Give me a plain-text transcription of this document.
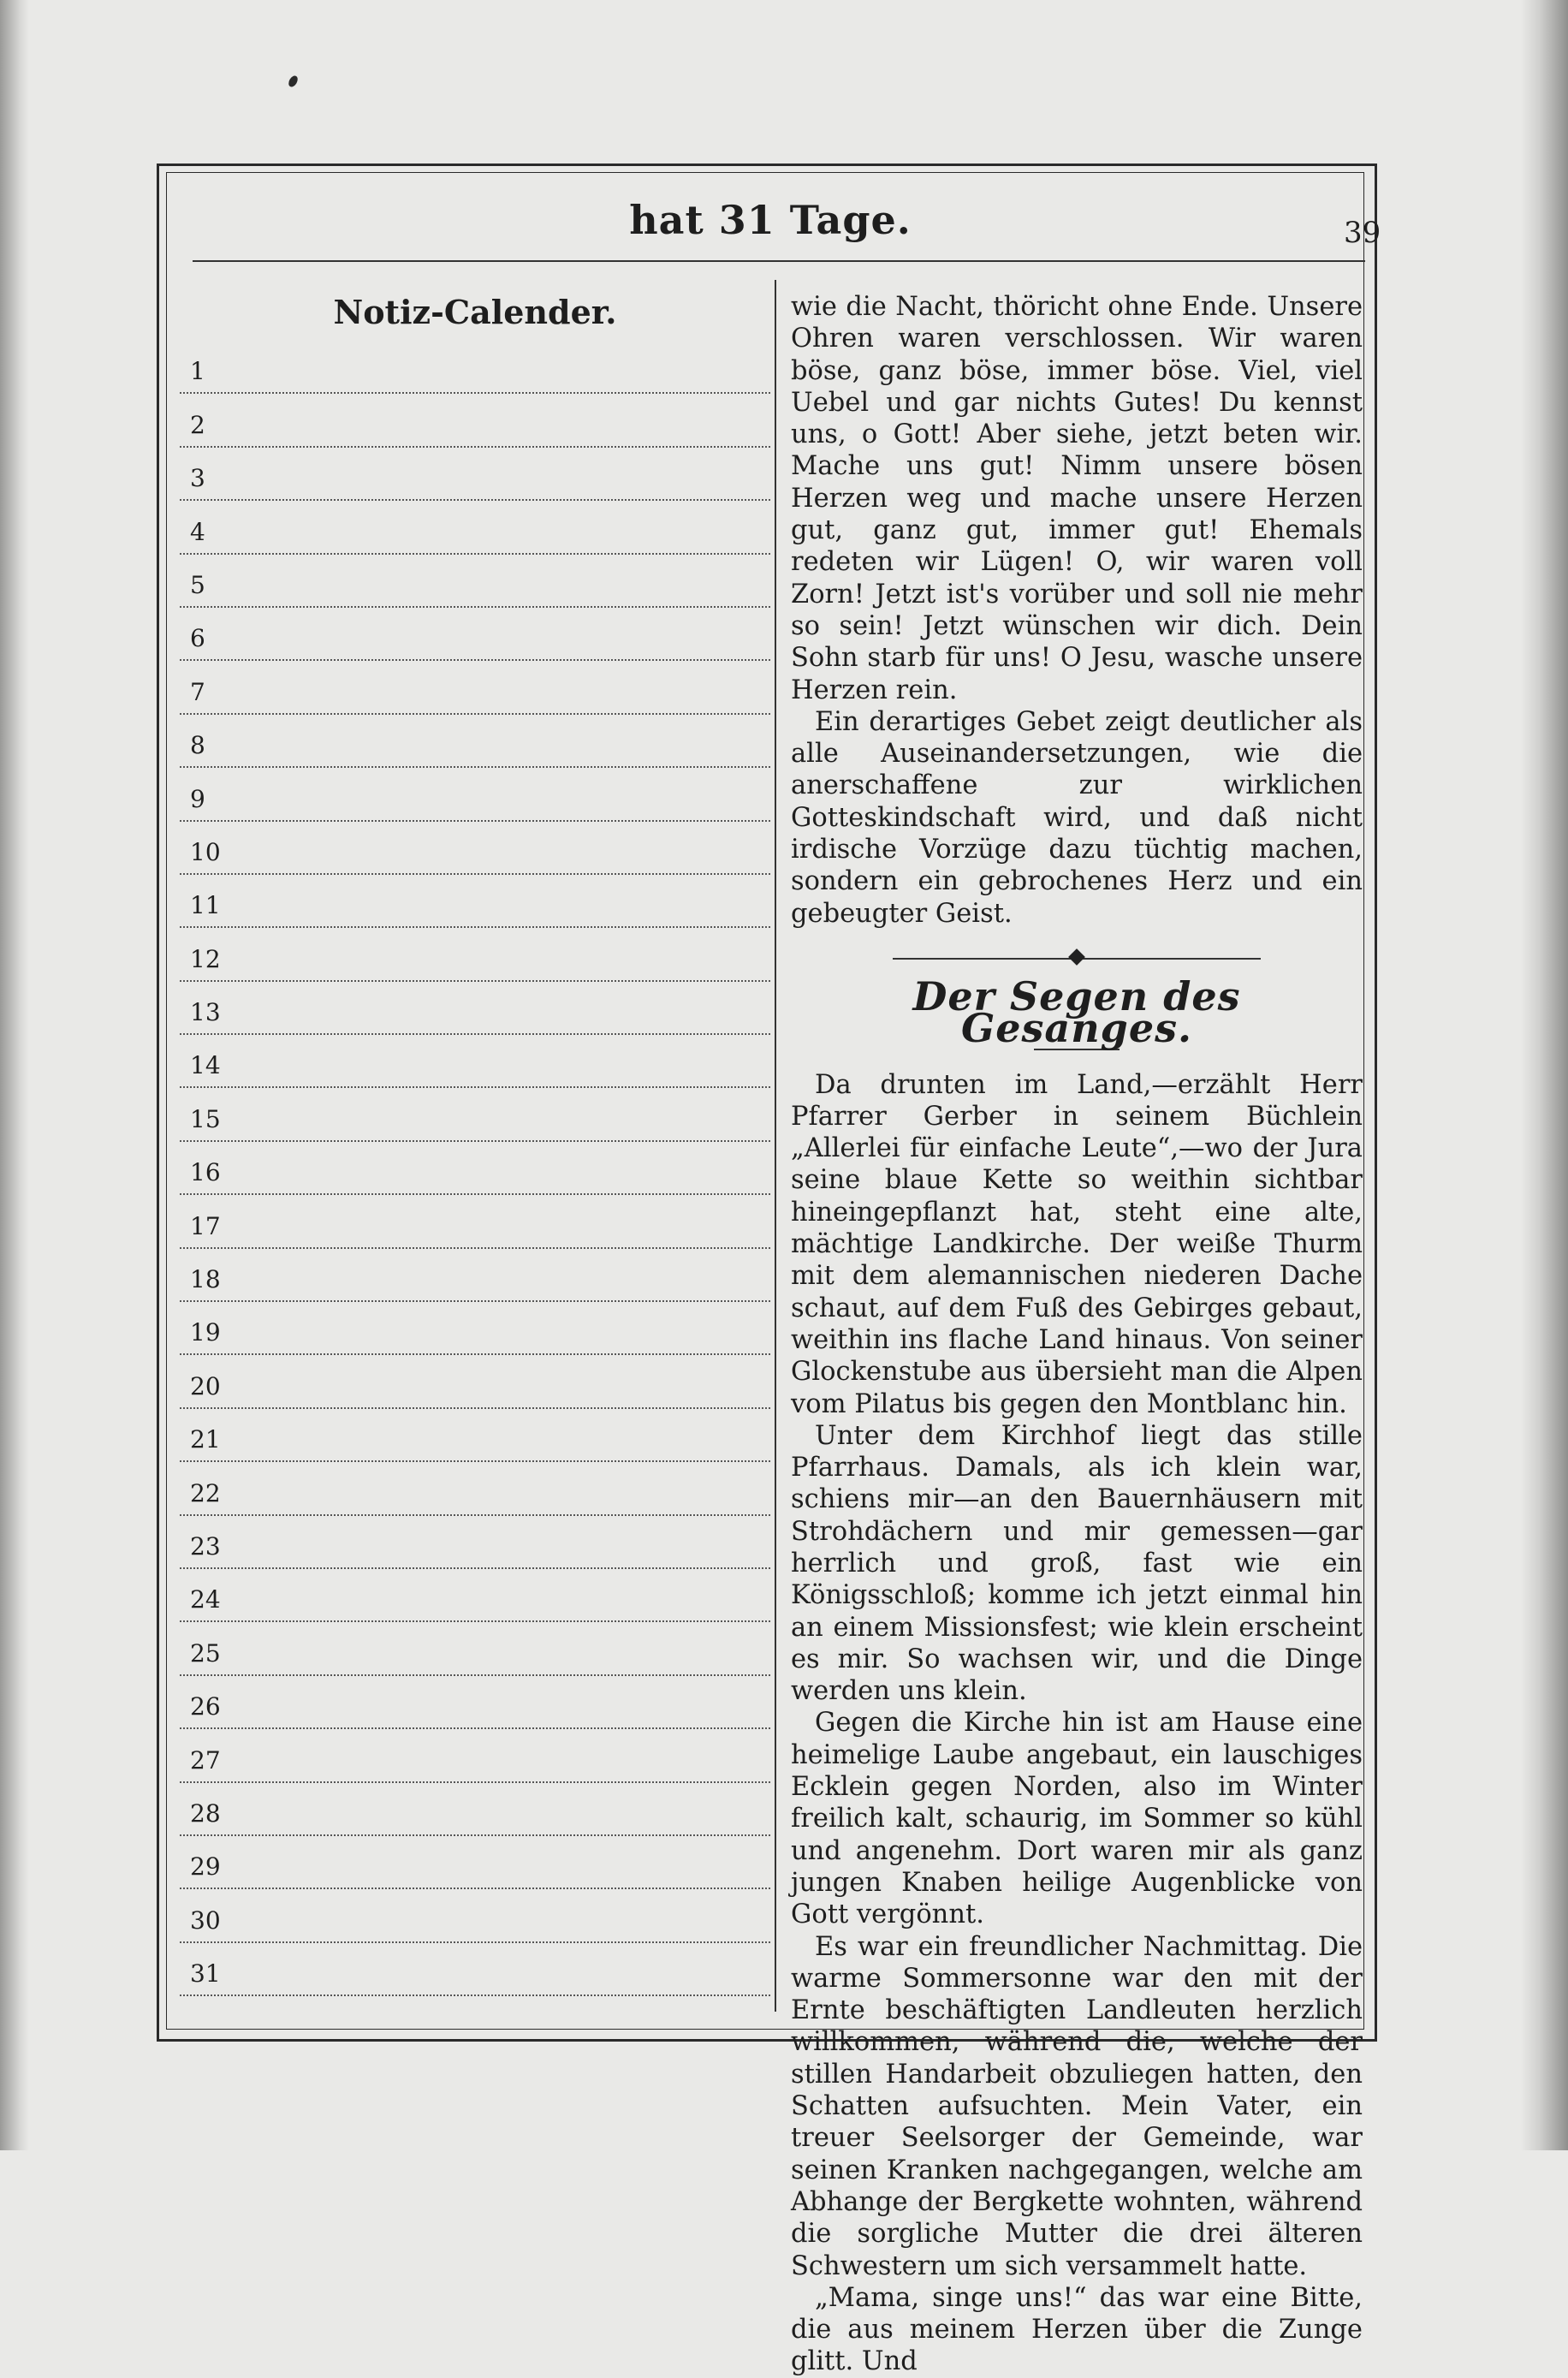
hat 31 Tage.	39
Notiz-Calender.
1
2
3
4
5
6
7
8
9
10
11
12
13
14
15
16
17
18
19
20
21
22
23
24
25
26
27
28
29
30
31

wie die Nacht, thöricht ohne Ende. Unsere Ohren waren verschlossen. Wir waren böse, ganz böse, immer böse. Viel, viel Uebel und gar nichts Gutes! Du kennst uns, o Gott! Aber siehe, jetzt beten wir. Mache uns gut! Nimm unsere bösen Herzen weg und mache unsere Herzen gut, ganz gut, immer gut! Ehemals redeten wir Lügen! O, wir waren voll Zorn! Jetzt ist's vorüber und soll nie mehr so sein! Jetzt wünschen wir dich. Dein Sohn starb für uns! O Jesu, wasche unsere Herzen rein.

Ein derartiges Gebet zeigt deutlicher als alle Auseinandersetzungen, wie die anerschaffene zur wirklichen Gotteskindschaft wird, und daß nicht irdische Vorzüge dazu tüchtig machen, sondern ein gebrochenes Herz und ein gebeugter Geist.

Der Segen des Gesanges.

Da drunten im Land,—erzählt Herr Pfarrer Gerber in seinem Büchlein „Allerlei für einfache Leute“,—wo der Jura seine blaue Kette so weithin sichtbar hineingepflanzt hat, steht eine alte, mächtige Landkirche. Der weiße Thurm mit dem alemannischen niederen Dache schaut, auf dem Fuß des Gebirges gebaut, weithin ins flache Land hinaus. Von seiner Glockenstube aus übersieht man die Alpen vom Pilatus bis gegen den Montblanc hin.

Unter dem Kirchhof liegt das stille Pfarrhaus. Damals, als ich klein war, schiens mir—an den Bauernhäusern mit Strohdächern und mir gemessen—gar herrlich und groß, fast wie ein Königsschloß; komme ich jetzt einmal hin an einem Missionsfest; wie klein erscheint es mir. So wachsen wir, und die Dinge werden uns klein.

Gegen die Kirche hin ist am Hause eine heimelige Laube angebaut, ein lauschiges Ecklein gegen Norden, also im Winter freilich kalt, schaurig, im Sommer so kühl und angenehm. Dort waren mir als ganz jungen Knaben heilige Augenblicke von Gott vergönnt.

Es war ein freundlicher Nachmittag. Die warme Sommersonne war den mit der Ernte beschäftigten Landleuten herzlich willkommen, während die, welche der stillen Handarbeit obzuliegen hatten, den Schatten aufsuchten. Mein Vater, ein treuer Seelsorger der Gemeinde, war seinen Kranken nachgegangen, welche am Abhange der Bergkette wohnten, während die sorgliche Mutter die drei älteren Schwestern um sich versammelt hatte.

„Mama, singe uns!“ das war eine Bitte, die aus meinem Herzen über die Zunge glitt. Und
